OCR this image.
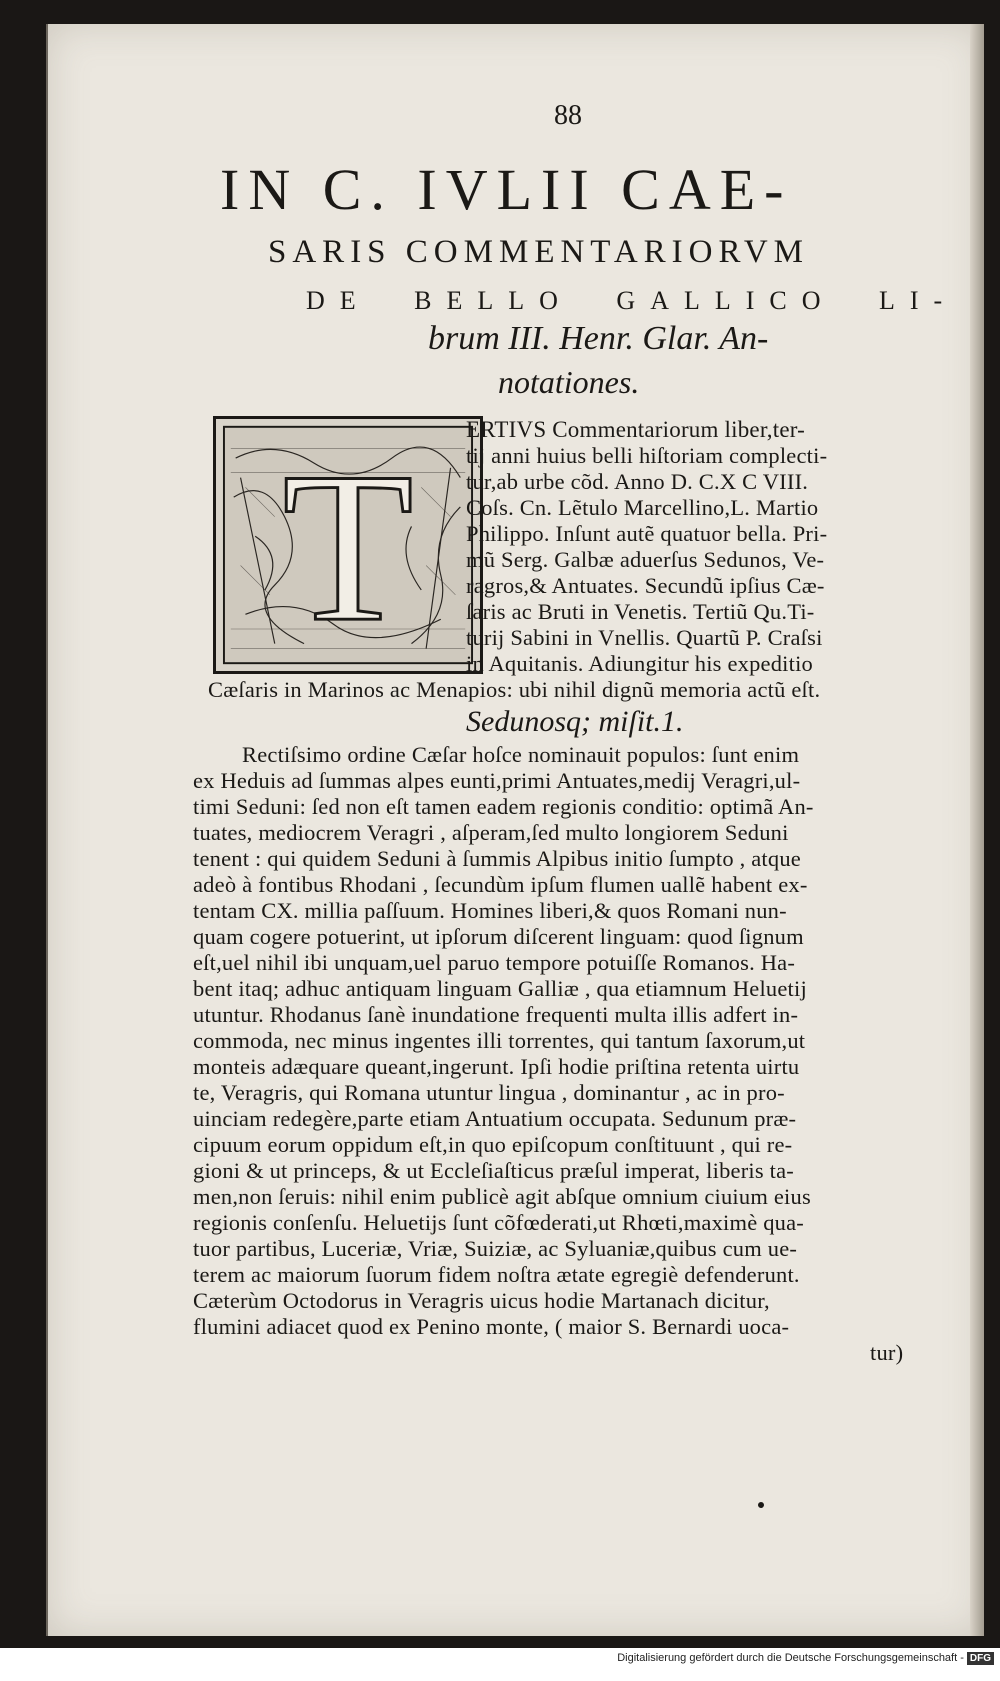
88
IN C. IVLII CAE-
SARIS COMMENTARIORVM
DE BELLO GALLICO LI-
brum III. Henr. Glar. An-
notationes.
T ERTIVS Commentariorum liber,ter-
tij anni huius belli hiſtoriam complecti-
tur,ab urbe cõd. Anno D. C.X C VIII.
Coſs. Cn. Lẽtulo Marcellino,L. Martio
Philippo. Inſunt autẽ quatuor bella. Pri-
mũ Serg. Galbæ aduerſus Sedunos, Ve-
ragros,& Antuates. Secundũ ipſius Cæ-
ſaris ac Bruti in Venetis. Tertiũ Qu.Ti-
turij Sabini in Vnellis. Quartũ P. Craſsi
in Aquitanis. Adiungitur his expeditio
Cæſaris in Marinos ac Menapios: ubi nihil dignũ memoria actũ eſt.
Sedunosq; miſit.1.
Rectiſsimo ordine Cæſar hoſce nominauit populos: ſunt enim
ex Heduis ad ſummas alpes eunti,primi Antuates,medij Veragri,ul-
timi Seduni: ſed non eſt tamen eadem regionis conditio: optimã An-
tuates, mediocrem Veragri , aſperam,ſed multo longiorem Seduni
tenent : qui quidem Seduni à ſummis Alpibus initio ſumpto , atque
adeò à fontibus Rhodani , ſecundùm ipſum flumen uallẽ habent ex-
tentam CX. millia paſſuum. Homines liberi,& quos Romani nun-
quam cogere potuerint, ut ipſorum diſcerent linguam: quod ſignum
eſt,uel nihil ibi unquam,uel paruo tempore potuiſſe Romanos. Ha-
bent itaq; adhuc antiquam linguam Galliæ , qua etiamnum Heluetij
utuntur. Rhodanus ſanè inundatione frequenti multa illis adfert in-
commoda, nec minus ingentes illi torrentes, qui tantum ſaxorum,ut
monteis adæquare queant,ingerunt. Ipſi hodie priſtina retenta uirtu
te, Veragris, qui Romana utuntur lingua , dominantur , ac in pro-
uinciam redegère,parte etiam Antuatium occupata. Sedunum præ-
cipuum eorum oppidum eſt,in quo epiſcopum conſtituunt , qui re-
gioni & ut princeps, & ut Eccleſiaſticus præſul imperat, liberis ta-
men,non ſeruis: nihil enim publicè agit abſque omnium ciuium eius
regionis conſenſu. Heluetijs ſunt cõfœderati,ut Rhœti,maximè qua-
tuor partibus, Luceriæ, Vriæ, Suiziæ, ac Syluaniæ,quibus cum ue-
terem ac maiorum ſuorum fidem noſtra ætate egregiè defenderunt.
Cæterùm Octodorus in Veragris uicus hodie Martanach dicitur,
flumini adiacet quod ex Penino monte, ( maior S. Bernardi uoca-
tur)
Digitalisierung gefördert durch die Deutsche Forschungsgemeinschaft - DFG
